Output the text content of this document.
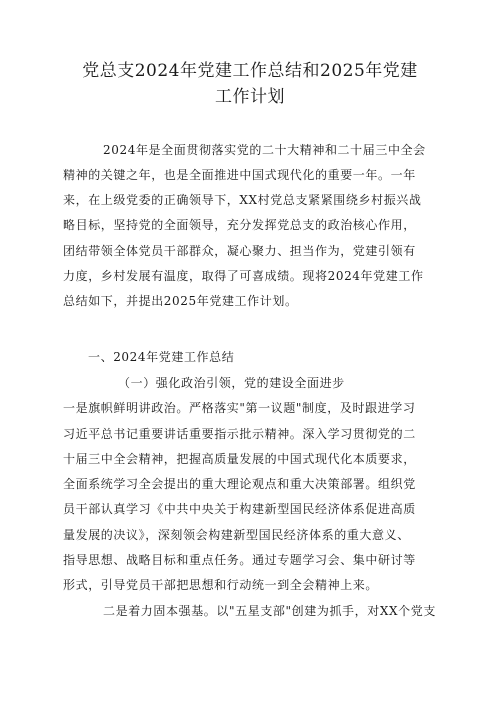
党总支2024年党建工作总结和2025年党建
工作计划

2024年是全面贯彻落实党的二十大精神和二十届三中全会

精神的关键之年，也是全面推进中国式现代化的重要一年。一年

来，在上级党委的正确领导下，XX村党总支紧紧围绕乡村振兴战

略目标，坚持党的全面领导，充分发挥党总支的政治核心作用，

团结带领全体党员干部群众，凝心聚力、担当作为，党建引领有

力度，乡村发展有温度，取得了可喜成绩。现将2024年党建工作

总结如下，并提出2025年党建工作计划。

一、2024年党建工作总结

（一）强化政治引领，党的建设全面进步

一是旗帜鲜明讲政治。严格落实"第一议题"制度，及时跟进学习

习近平总书记重要讲话重要指示批示精神。深入学习贯彻党的二

十届三中全会精神，把握高质量发展的中国式现代化本质要求，

全面系统学习全会提出的重大理论观点和重大决策部署。组织党

员干部认真学习《中共中央关于构建新型国民经济体系促进高质

量发展的决议》，深刻领会构建新型国民经济体系的重大意义、

指导思想、战略目标和重点任务。通过专题学习会、集中研讨等

形式，引导党员干部把思想和行动统一到全会精神上来。

二是着力固本强基。以"五星支部"创建为抓手，对XX个党支
